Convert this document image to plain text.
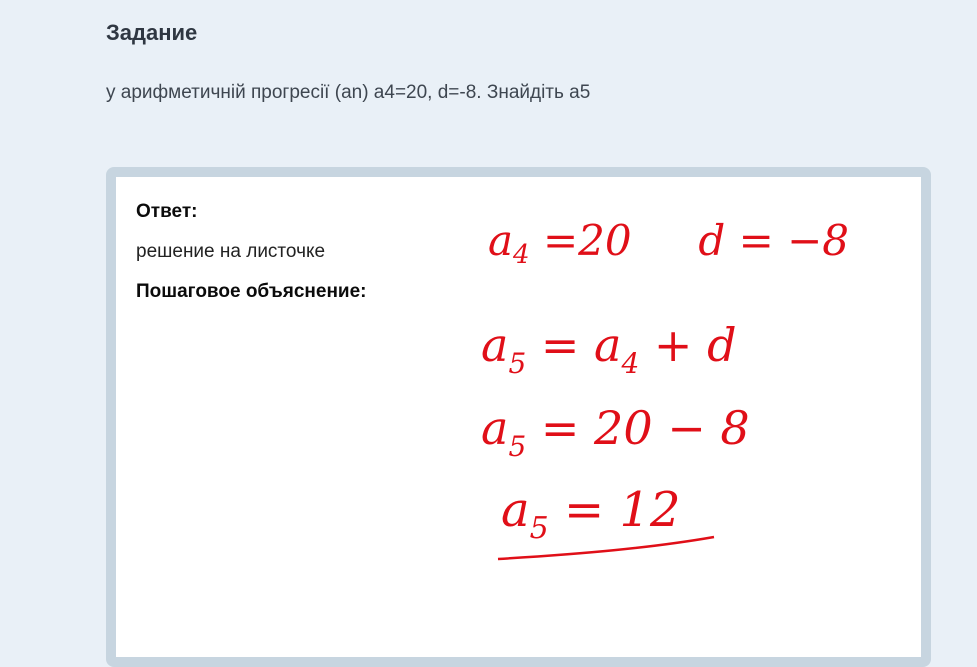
Задание

у арифметичній прогресії (an) a4=20, d=-8. Знайдіть a5

Ответ:
решение на листочке
Пошаговое объяснение:
a4 =20     d = −8
$a_5 = a_4 + d$
$a_5 = 20 - 8$
$a_5 = 12$
